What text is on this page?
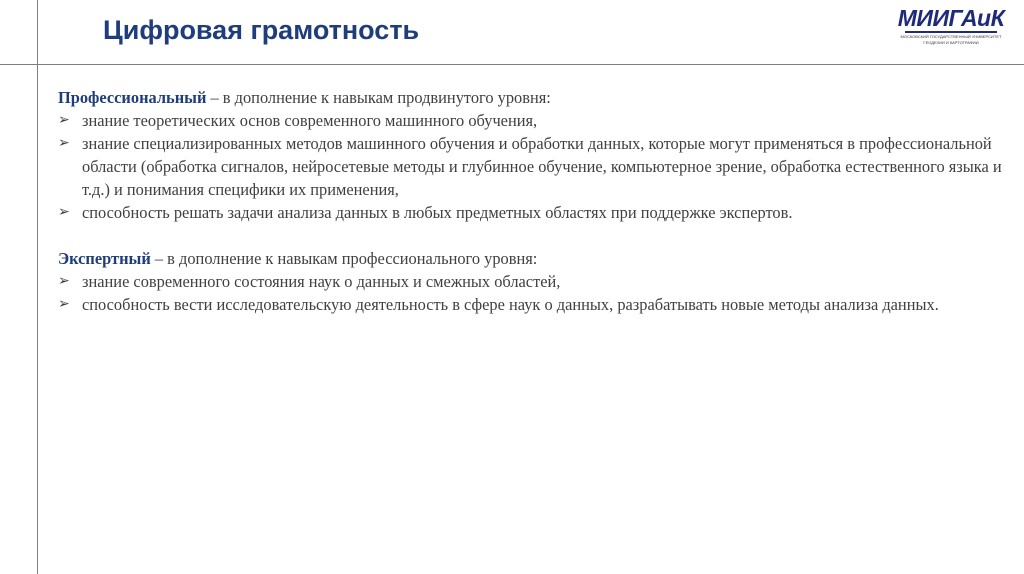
Цифровая грамотность	МИИГАиК
МОСКОВСКИЙ ГОСУДАРСТВЕННЫЙ УНИВЕРСИТЕТ
ГЕОДЕЗИИ И КАРТОГРАФИИ

Профессиональный – в дополнение к навыкам продвинутого уровня:

➢ знание теоретических основ современного машинного обучения,
➢ знание специализированных методов машинного обучения и обработки данных, которые могут применяться в профессиональной области (обработка сигналов, нейросетевые методы и глубинное обучение, компьютерное зрение, обработка естественного языка и т.д.) и понимания специфики их применения,
➢ способность решать задачи анализа данных в любых предметных областях при поддержке экспертов.

Экспертный – в дополнение к навыкам профессионального уровня:

➢ знание современного состояния наук о данных и смежных областей,
➢ способность вести исследовательскую деятельность в сфере наук о данных, разрабатывать новые методы анализа данных.
